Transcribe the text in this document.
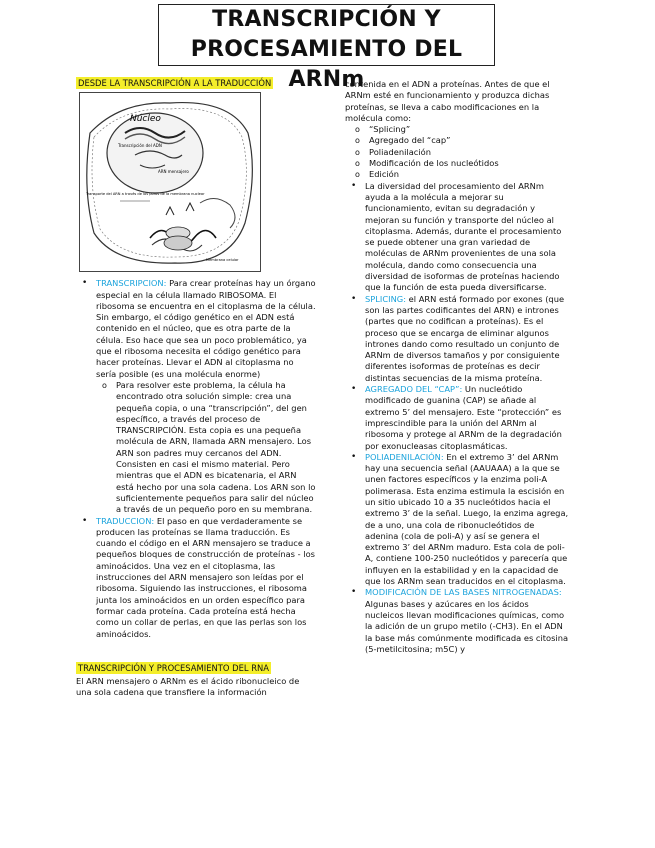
TRANSCRIPCIÓN Y
PROCESAMIENTO DEL ARNm
DESDE LA TRANSCRIPCIÓN A LA TRADUCCIÓN
Núcleo
Transcripción del ADN
ARN mensajero
Transporte del ARN a través de los poros de la membrana nuclear
Membrana celular
• TRANSCRIPCION: Para crear proteínas hay un órgano especial en la célula llamado RIBOSOMA. El ribosoma se encuentra en el citoplasma de la célula. Sin embargo, el código genético en el ADN está contenido en el núcleo, que es otra parte de la célula. Eso hace que sea un poco problemático, ya que el ribosoma necesita el código genético para hacer proteínas. Llevar el ADN al citoplasma no sería posible (es una molécula enorme)
o Para resolver este problema, la célula ha encontrado otra solución simple: crea una pequeña copia, o una “transcripción”, del gen específico, a través del proceso de TRANSCRIPCIÓN. Esta copia es una pequeña molécula de ARN, llamada ARN mensajero. Los ARN son padres muy cercanos del ADN. Consisten en casi el mismo material. Pero mientras que el ADN es bicatenaria, el ARN está hecho por una sola cadena. Los ARN son lo suficientemente pequeños para salir del núcleo a través de un pequeño poro en su membrana.
• TRADUCCION: El paso en que verdaderamente se producen las proteínas se llama traducción. Es cuando el código en el ARN mensajero se traduce a pequeños bloques de construcción de proteínas - los aminoácidos. Una vez en el citoplasma, las instrucciones del ARN mensajero son leídas por el ribosoma. Siguiendo las instrucciones, el ribosoma junta los aminoácidos en un orden específico para formar cada proteína. Cada proteína está hecha como un collar de perlas, en que las perlas son los aminoácidos.
TRANSCRIPCIÓN Y PROCESAMIENTO DEL RNA

El ARN mensajero o ARNm es el ácido ribonucleico de una sola cadena que transfiere la información

contenida en el ADN a proteínas. Antes de que el ARNm esté en funcionamiento y produzca dichas proteínas, se lleva a cabo modificaciones en la molécula como:

o “Splicing”
o Agregado del “cap”
o Poliadenilación
o Modificación de los nucleótidos
o Edición
• La diversidad del procesamiento del ARNm ayuda a la molécula a mejorar su funcionamiento, evitan su degradación y mejoran su función y transporte del núcleo al citoplasma. Además, durante el procesamiento se puede obtener una gran variedad de moléculas de ARNm provenientes de una sola molécula, dando como consecuencia una diversidad de isoformas de proteínas haciendo que la función de esta pueda diversificarse.
• SPLICING: el ARN está formado por exones (que son las partes codificantes del ARN) e intrones (partes que no codifican a proteínas). Es el proceso que se encarga de eliminar algunos intrones dando como resultado un conjunto de ARNm de diversos tamaños y por consiguiente diferentes isoformas de proteínas es decir distintas secuencias de la misma proteína.
• AGREGADO DEL “CAP”: Un nucleótido modificado de guanina (CAP) se añade al extremo 5’ del mensajero. Este “protección” es imprescindible para la unión del ARNm al ribosoma y protege al ARNm de la degradación por exonucleasas citoplasmáticas.
• POLIADENILACIÓN: En el extremo 3’ del ARNm hay una secuencia señal (AAUAAA) a la que se unen factores específicos y la enzima poli-A polimerasa. Esta enzima estimula la escisión en un sitio ubicado 10 a 35 nucleótidos hacia el extremo 3’ de la señal. Luego, la enzima agrega, de a uno, una cola de ribonucleótidos de adenina (cola de poli-A) y así se genera el extremo 3’ del ARNm maduro. Esta cola de poli-A, contiene 100-250 nucleótidos y parecería que influyen en la estabilidad y en la capacidad de que los ARNm sean traducidos en el citoplasma.
• MODIFICACIÓN DE LAS BASES NITROGENADAS: Algunas bases y azúcares en los ácidos nucleicos llevan modificaciones químicas, como la adición de un grupo metilo (-CH3). En el ADN la base más comúnmente modificada es citosina (5-metilcitosina; m5C) y
